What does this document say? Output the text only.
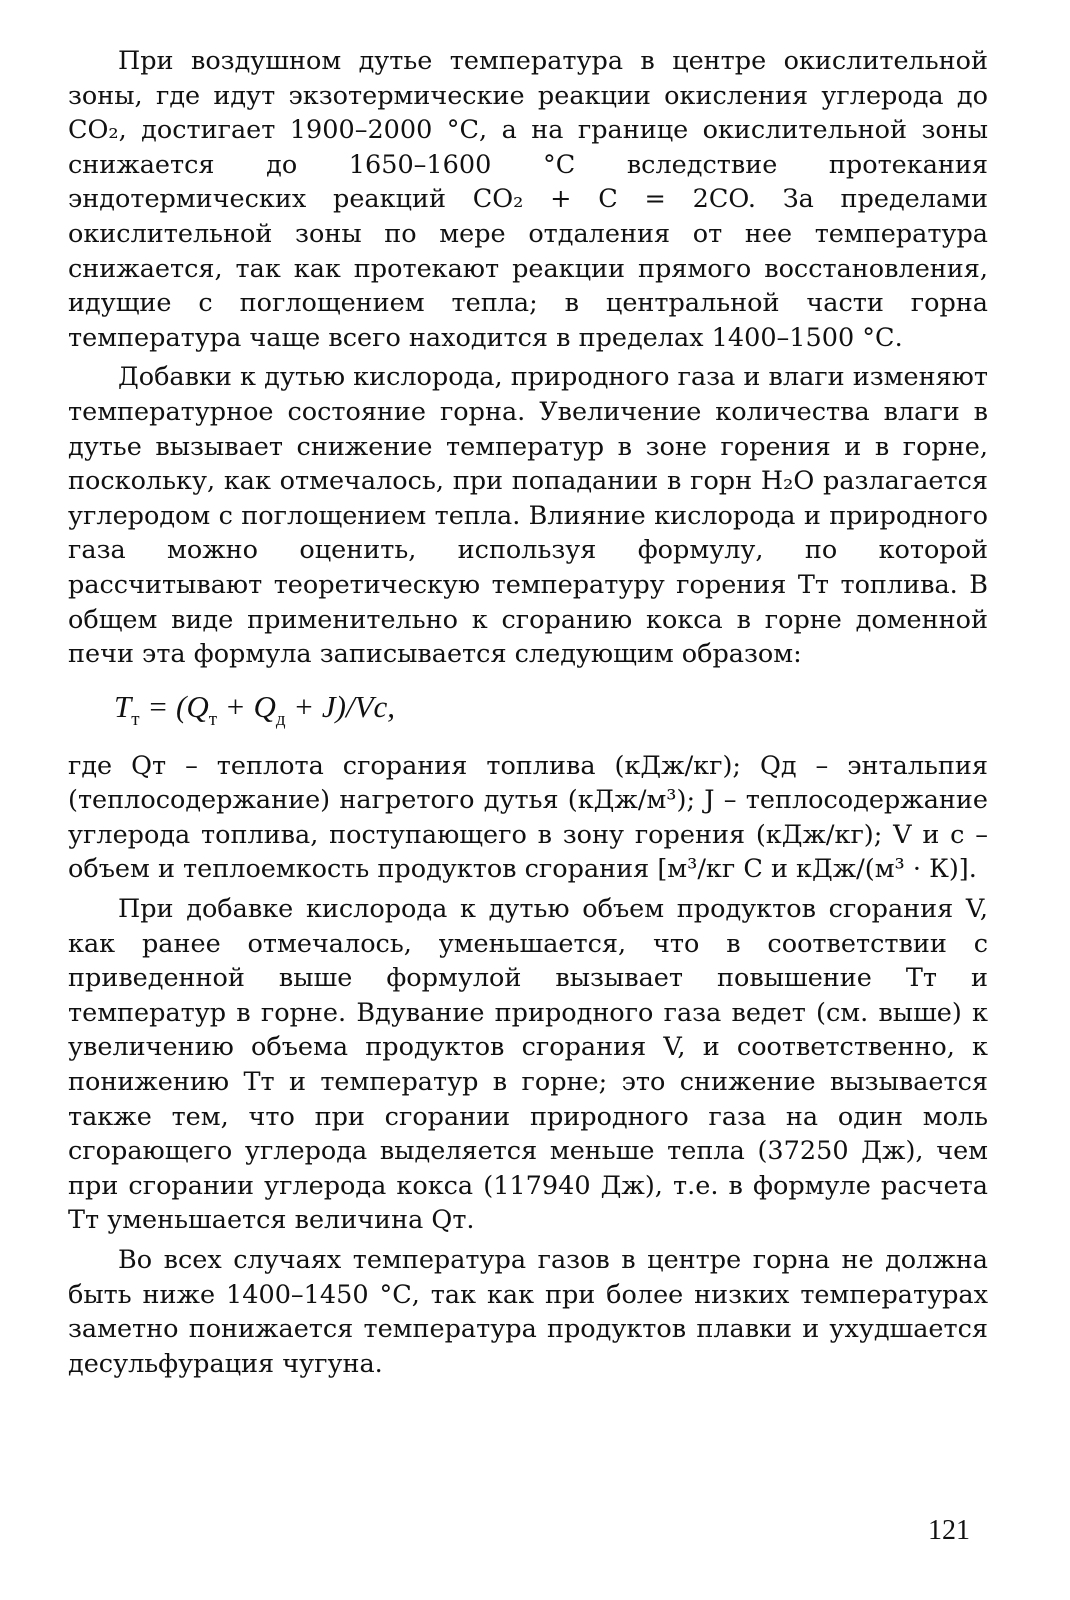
При воздушном дутье температура в центре окислительной зоны, где идут экзотермические реакции окисления углерода до CO₂, достигает 1900–2000 °С, а на границе окислительной зоны снижается до 1650–1600 °С вследствие протекания эндотермических реакций CO₂ + C = 2CO. За пределами окислительной зоны по мере отдаления от нее температура снижается, так как протекают реакции прямого восстановления, идущие с поглощением тепла; в центральной части горна температура чаще всего находится в пределах 1400–1500 °С.

Добавки к дутью кислорода, природного газа и влаги изменяют температурное состояние горна. Увеличение количества влаги в дутье вызывает снижение температур в зоне горения и в горне, поскольку, как отмечалось, при попадании в горн H₂O разлагается углеродом с поглощением тепла. Влияние кислорода и природного газа можно оценить, используя формулу, по которой рассчитывают теоретическую температуру горения Tт топлива. В общем виде применительно к сгоранию кокса в горне доменной печи эта формула записывается следующим образом:

$T_т = (Q_т + Q_д + J)/Vc$,

где Qт – теплота сгорания топлива (кДж/кг); Qд – энтальпия (теплосодержание) нагретого дутья (кДж/м³); J – теплосодержание углерода топлива, поступающего в зону горения (кДж/кг); V и c – объем и теплоемкость продуктов сгорания [м³/кг С и кДж/(м³ · К)].

При добавке кислорода к дутью объем продуктов сгорания V, как ранее отмечалось, уменьшается, что в соответствии с приведенной выше формулой вызывает повышение Tт и температур в горне. Вдувание природного газа ведет (см. выше) к увеличению объема продуктов сгорания V, и соответственно, к понижению Tт и температур в горне; это снижение вызывается также тем, что при сгорании природного газа на один моль сгорающего углерода выделяется меньше тепла (37250 Дж), чем при сгорании углерода кокса (117940 Дж), т.е. в формуле расчета Tт уменьшается величина Qт.

Во всех случаях температура газов в центре горна не должна быть ниже 1400–1450 °С, так как при более низких температурах заметно понижается температура продуктов плавки и ухудшается десульфурация чугуна.

121
